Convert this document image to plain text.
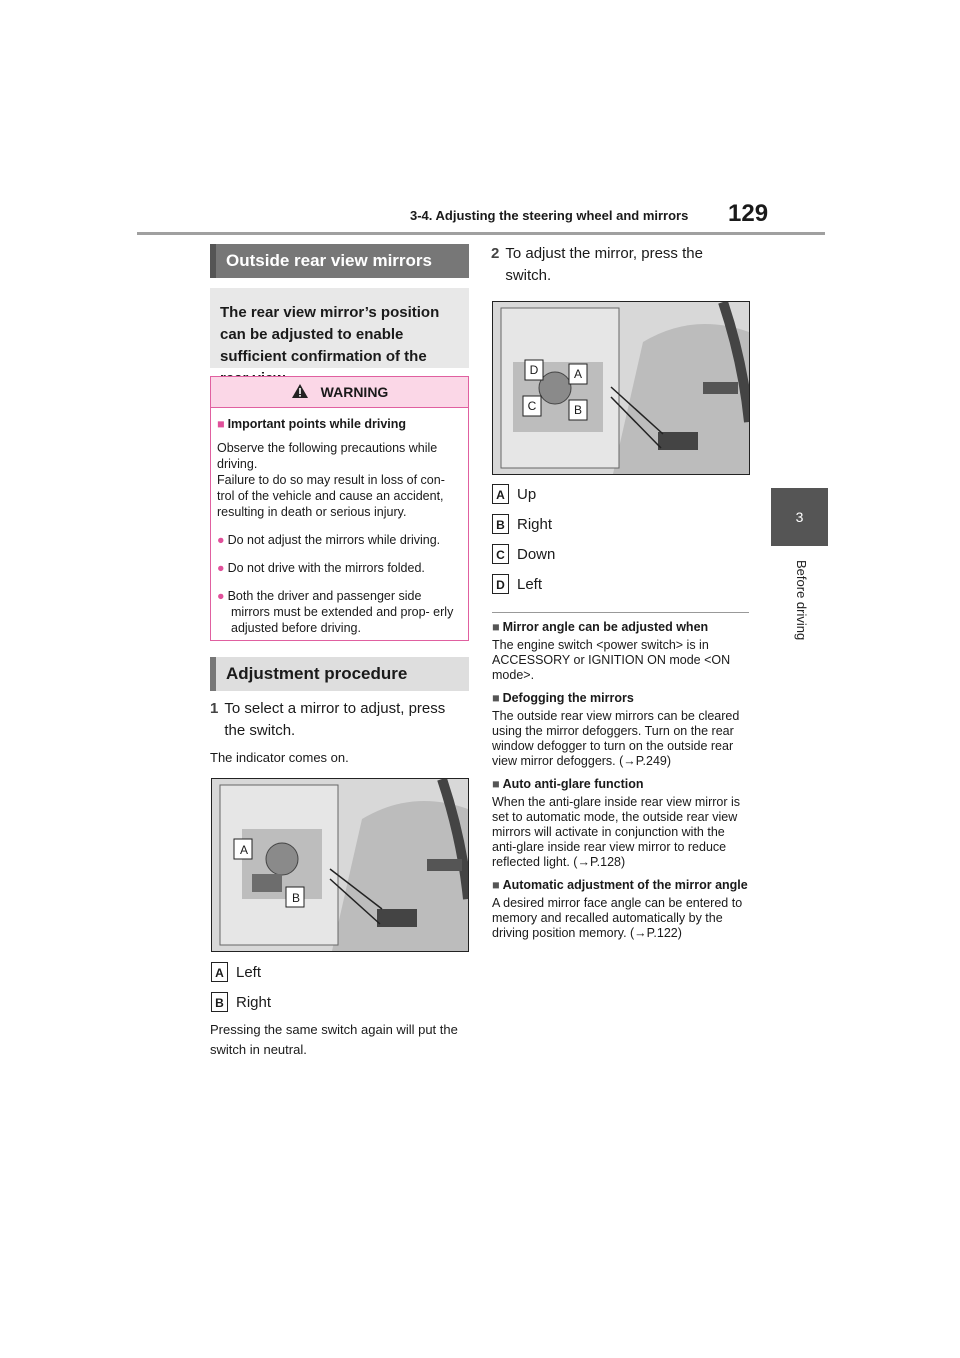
3-4. Adjusting the steering wheel and mirrors 129
3
Before driving
Outside rear view mirrors
The rear view mirror’s position can be adjusted to enable sufficient confirmation of the
WARNING
■ Important points while driving
Observe the following precautions while driving.
Failure to do so may result in loss of con- trol of the vehicle and cause an accident, resulting in death or serious injury.
● Do not adjust the mirrors while driving.
● Do not drive with the mirrors folded.
● Both the driver and passenger side mirrors must be extended and prop- erly adjusted before driving.
Adjustment procedure
1 To select a mirror to adjust, press the switch.
The indicator comes on.
A
B
A Left
B Right
Pressing the same switch again will put the switch in neutral.
2 To adjust the mirror, press the switch.
D	A
C	B
A Up
B Right
C Down
D Left
■ Mirror angle can be adjusted when
The engine switch <power switch> is in ACCESSORY or IGNITION ON mode <ON mode>.
■ Defogging the mirrors
The outside rear view mirrors can be cleared using the mirror defoggers. Turn on the rear window defogger to turn on the outside rear view mirror defoggers. (→P.249)
■ Auto anti-glare function
When the anti-glare inside rear view mirror is set to automatic mode, the outside rear view mirrors will activate in conjunction with the anti-glare inside rear view mirror to reduce reflected light. (→P.128)
■ Automatic adjustment of the mirror angle
A desired mirror face angle can be entered to memory and recalled automatically by the driving position memory. (→P.122)
